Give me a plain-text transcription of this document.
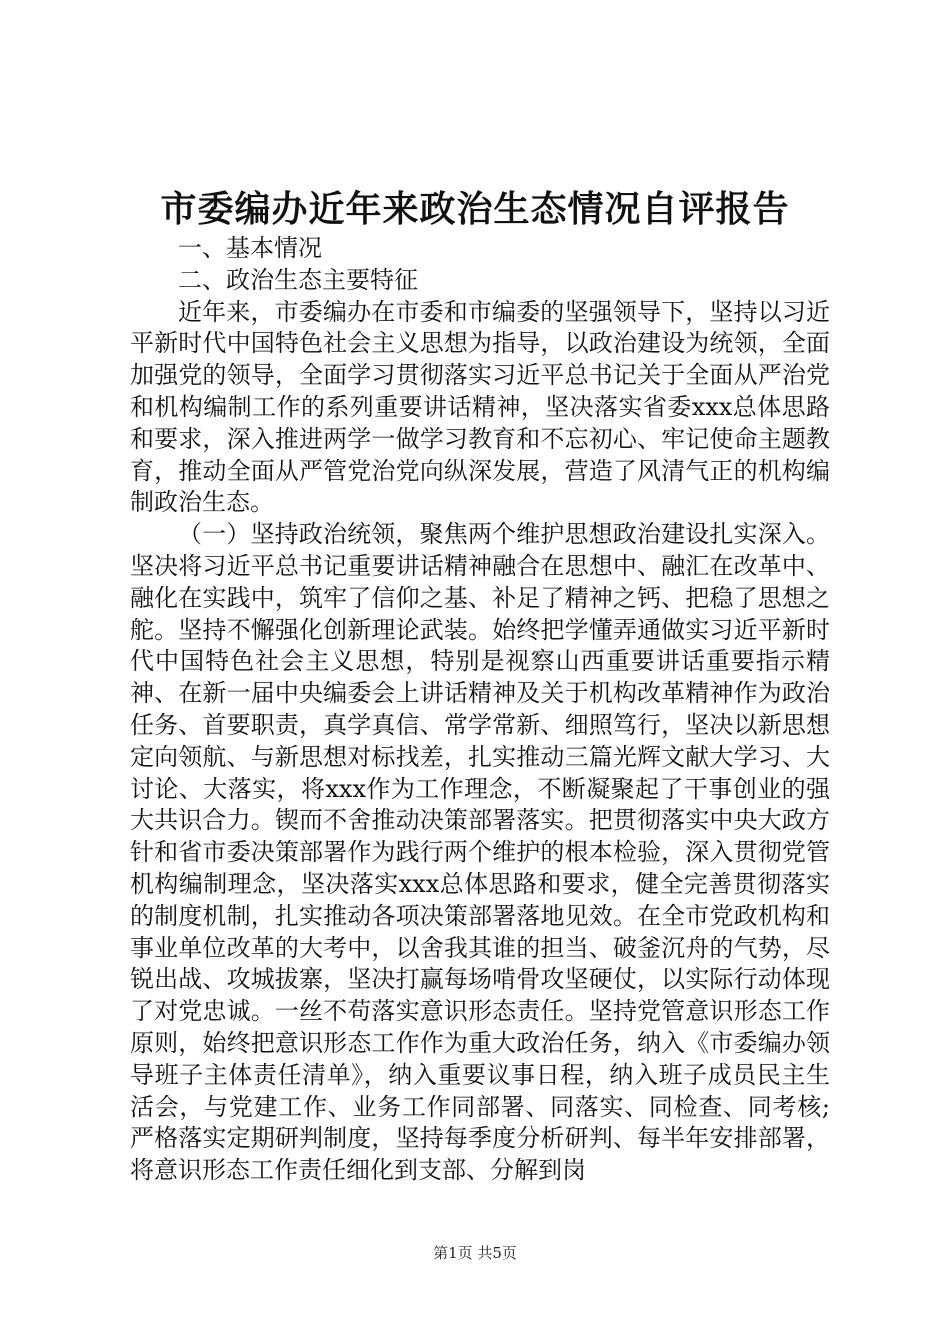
市委编办近年来政治生态情况自评报告

一、基本情况

二、政治生态主要特征

近年来，市委编办在市委和市编委的坚强领导下，坚持以习近平新时代中国特色社会主义思想为指导，以政治建设为统领，全面加强党的领导，全面学习贯彻落实习近平总书记关于全面从严治党和机构编制工作的系列重要讲话精神，坚决落实省委xxx总体思路和要求，深入推进两学一做学习教育和不忘初心、牢记使命主题教育，推动全面从严管党治党向纵深发展，营造了风清气正的机构编制政治生态。

（一）坚持政治统领，聚焦两个维护思想政治建设扎实深入。坚决将习近平总书记重要讲话精神融合在思想中、融汇在改革中、融化在实践中，筑牢了信仰之基、补足了精神之钙、把稳了思想之舵。坚持不懈强化创新理论武装。始终把学懂弄通做实习近平新时代中国特色社会主义思想，特别是视察山西重要讲话重要指示精神、在新一届中央编委会上讲话精神及关于机构改革精神作为政治任务、首要职责，真学真信、常学常新、细照笃行，坚决以新思想定向领航、与新思想对标找差，扎实推动三篇光辉文献大学习、大讨论、大落实，将xxx作为工作理念，不断凝聚起了干事创业的强大共识合力。锲而不舍推动决策部署落实。把贯彻落实中央大政方针和省市委决策部署作为践行两个维护的根本检验，深入贯彻党管机构编制理念，坚决落实xxx总体思路和要求，健全完善贯彻落实的制度机制，扎实推动各项决策部署落地见效。在全市党政机构和事业单位改革的大考中，以舍我其谁的担当、破釜沉舟的气势，尽锐出战、攻城拔寨，坚决打赢每场啃骨攻坚硬仗，以实际行动体现了对党忠诚。一丝不苟落实意识形态责任。坚持党管意识形态工作原则，始终把意识形态工作作为重大政治任务，纳入《市委编办领导班子主体责任清单》，纳入重要议事日程，纳入班子成员民主生活会，与党建工作、业务工作同部署、同落实、同检查、同考核;严格落实定期研判制度，坚持每季度分析研判、每半年安排部署，将意识形态工作责任细化到支部、分解到岗

第1页 共5页
